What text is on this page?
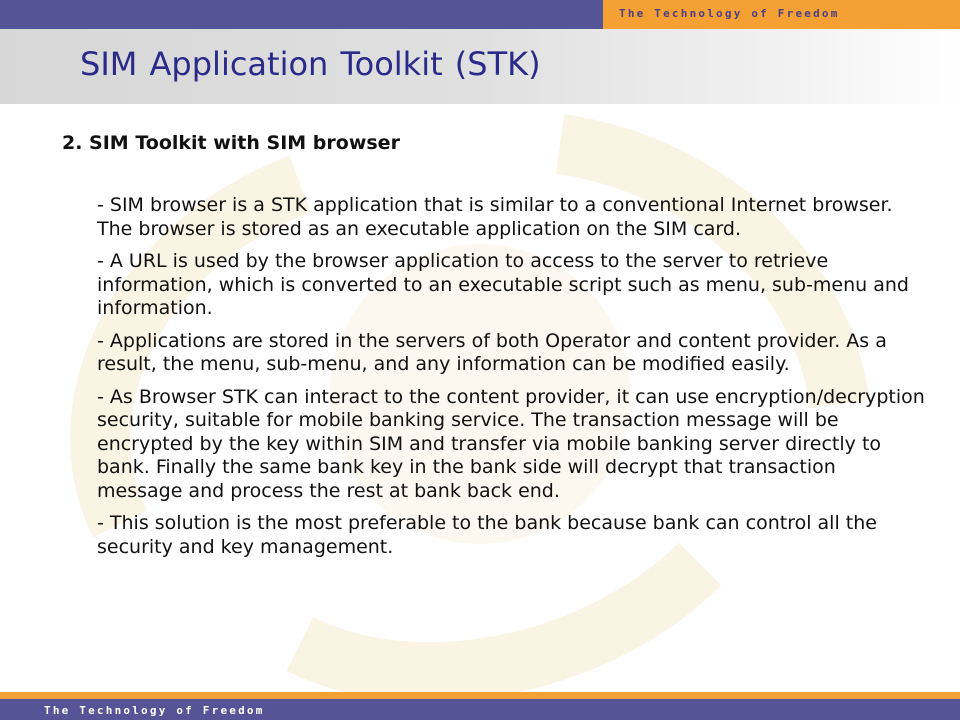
The Technology of Freedom
SIM Application Toolkit (STK)
2. SIM Toolkit with SIM browser
- SIM browser is a STK application that is similar to a conventional Internet browser. The browser is stored as an executable application on the SIM card.
- A URL is used by the browser application to access to the server to retrieve information, which is converted to an executable script such as menu, sub-menu and information.
- Applications are stored in the servers of both Operator and content provider. As a result, the menu, sub-menu, and any information can be modified easily.
- As Browser STK can interact to the content provider, it can use encryption/decryption security, suitable for mobile banking service. The transaction message will be encrypted by the key within SIM and transfer via mobile banking server directly to bank. Finally the same bank key in the bank side will decrypt that transaction message and process the rest at bank back end.
- This solution is the most preferable to the bank because bank can control all the security and key management.
The Technology of Freedom
